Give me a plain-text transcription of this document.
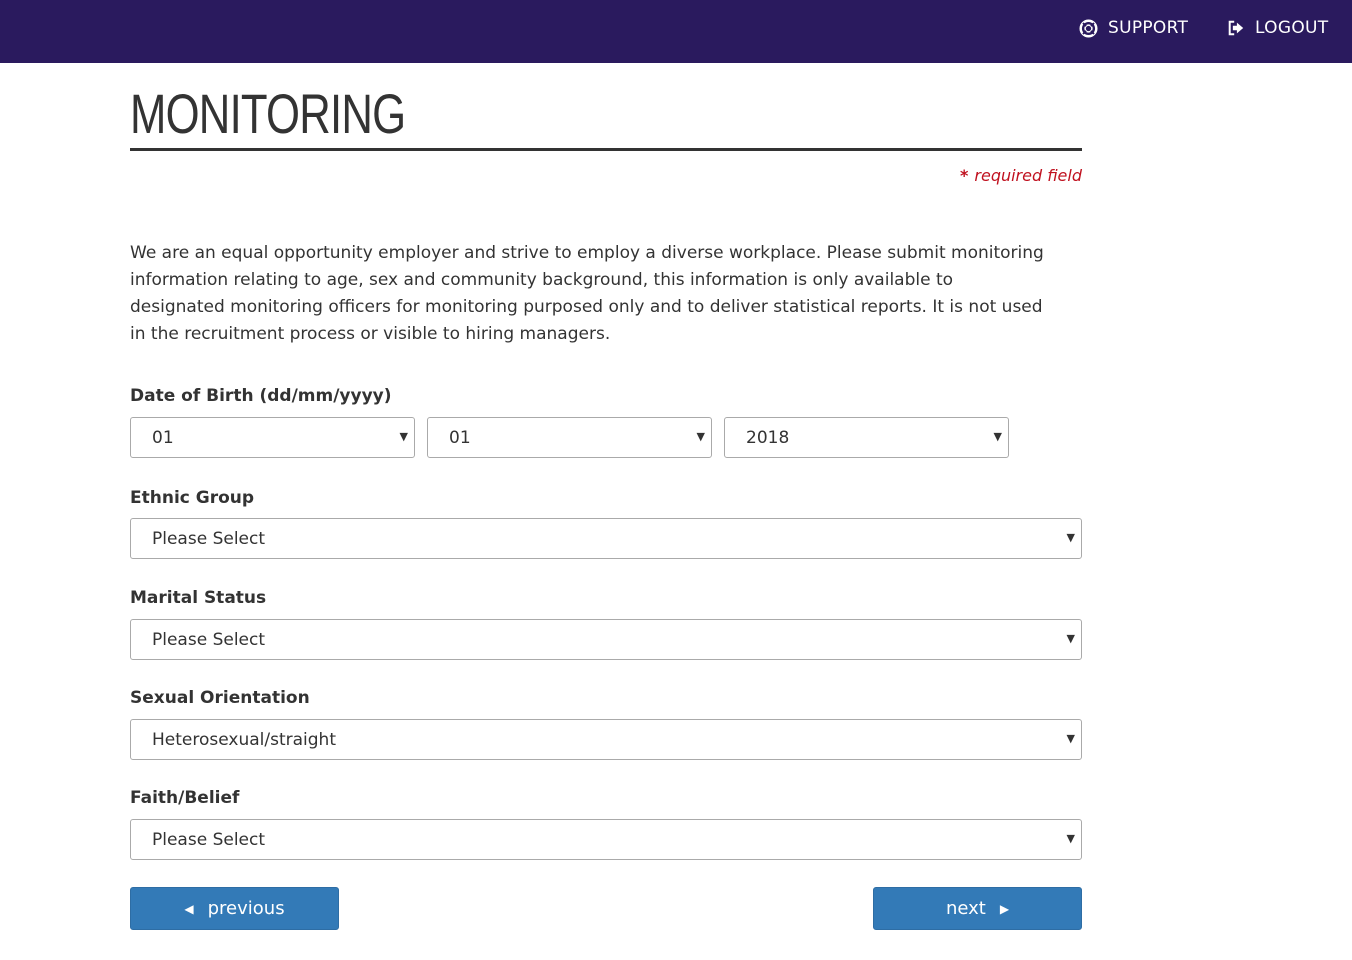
SUPPORT	LOGOUT
MONITORING
* required field

We are an equal opportunity employer and strive to employ a diverse workplace. Please submit monitoring information relating to age, sex and community background, this information is only available to designated monitoring officers for monitoring purposed only and to deliver statistical reports. It is not used in the recruitment process or visible to hiring managers.

Date of Birth (dd/mm/yyyy)
01	▼ 01	▼ 2018	▼
Ethnic Group
Please Select	▼
Marital Status
Please Select	▼
Sexual Orientation
Heterosexual/straight	▼
Faith/Belief
Please Select	▼
◀ previous	next ▶
